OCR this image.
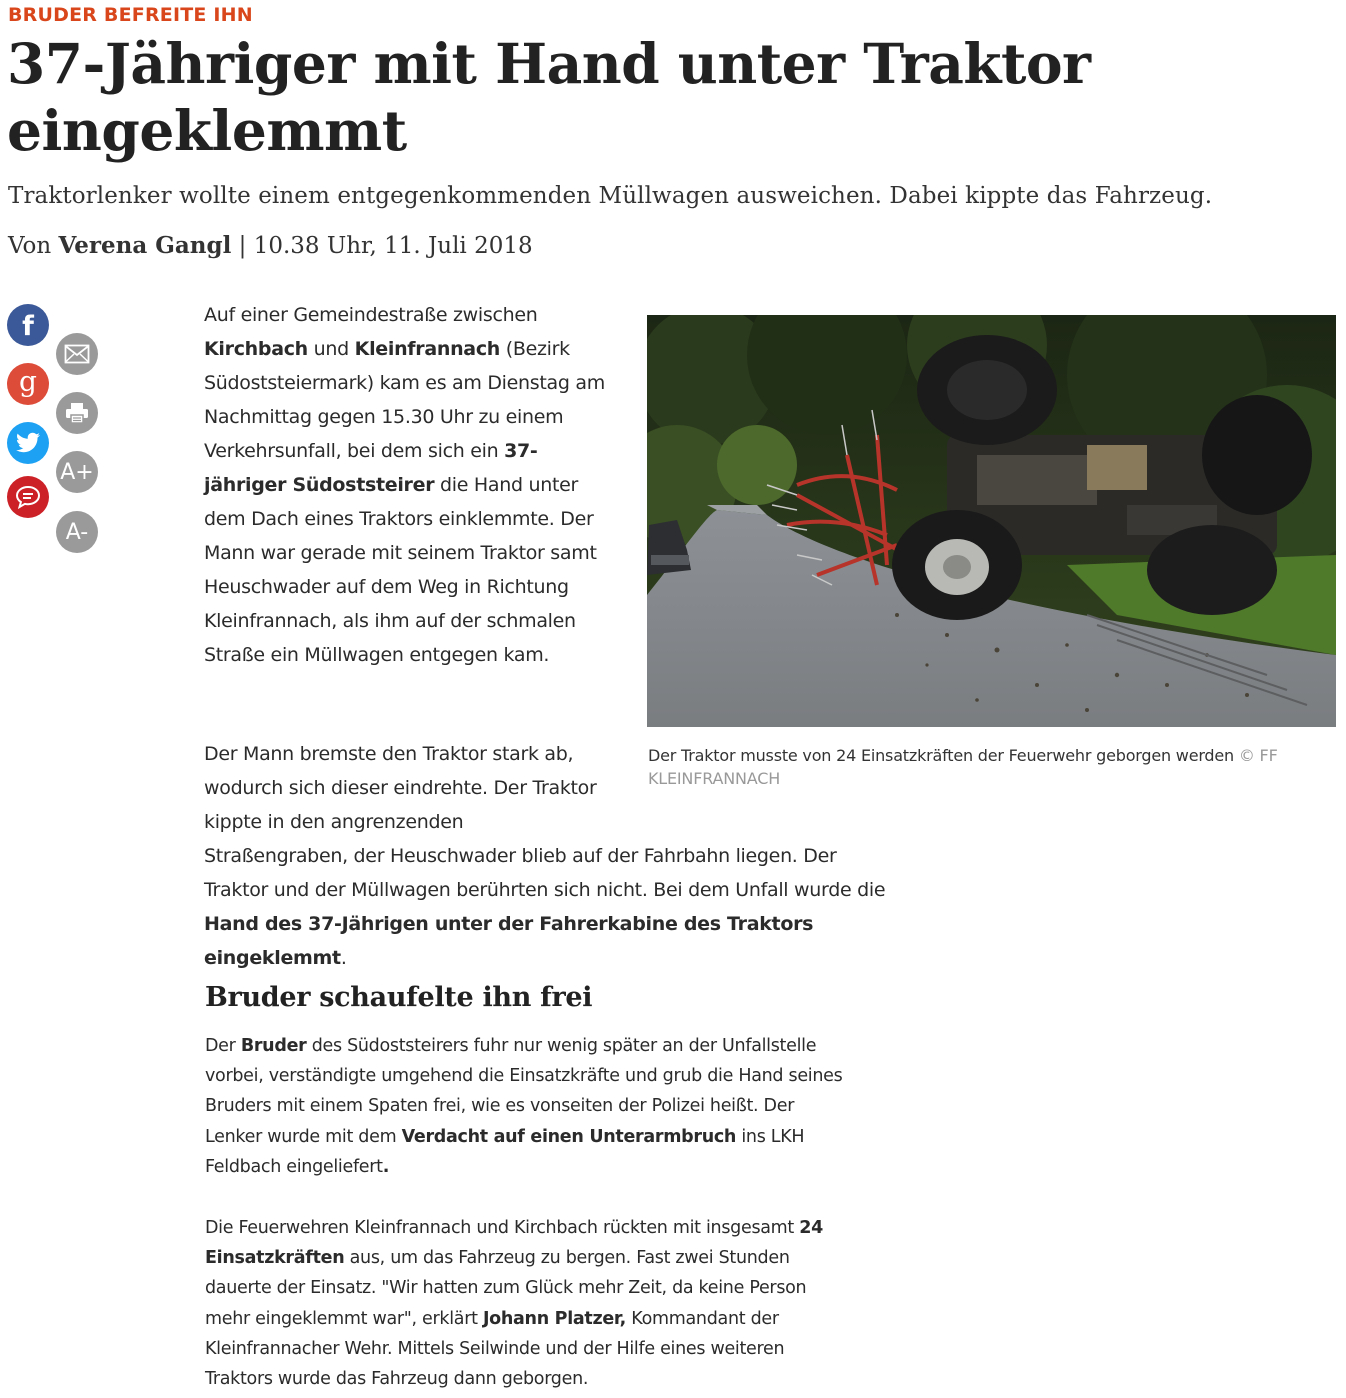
BRUDER BEFREITE IHN
37-Jähriger mit Hand unter Traktor
eingeklemmt

Traktorlenker wollte einem entgegenkommenden Müllwagen ausweichen. Dabei kippte das Fahrzeug.

Von Verena Gangl | 10.38 Uhr, 11. Juli 2018

f
g
A+
A-

Der Traktor musste von 24 Einsatzkräften der Feuerwehr geborgen werden © FF KLEINFRANNACH

Auf einer Gemeindestraße zwischen Kirchbach und Kleinfrannach (Bezirk Südoststeiermark) kam es am Dienstag am Nachmittag gegen 15.30 Uhr zu einem Verkehrsunfall, bei dem sich ein 37-jähriger Südoststeirer die Hand unter dem Dach eines Traktors einklemmte. Der Mann war gerade mit seinem Traktor samt Heuschwader auf dem Weg in Richtung Kleinfrannach, als ihm auf der schmalen Straße ein Müllwagen entgegen kam.

Der Mann bremste den Traktor stark ab, wodurch sich dieser eindrehte. Der Traktor kippte in den angrenzenden

Straßengraben, der Heuschwader blieb auf der Fahrbahn liegen. Der Traktor und der Müllwagen berührten sich nicht. Bei dem Unfall wurde die Hand des 37-Jährigen unter der Fahrerkabine des Traktors eingeklemmt.

Bruder schaufelte ihn frei

Der Bruder des Südoststeirers fuhr nur wenig später an der Unfallstelle vorbei, verständigte umgehend die Einsatzkräfte und grub die Hand seines Bruders mit einem Spaten frei, wie es vonseiten der Polizei heißt. Der Lenker wurde mit dem Verdacht auf einen Unterarmbruch ins LKH Feldbach eingeliefert.

Die Feuerwehren Kleinfrannach und Kirchbach rückten mit insgesamt 24 Einsatzkräften aus, um das Fahrzeug zu bergen. Fast zwei Stunden dauerte der Einsatz. "Wir hatten zum Glück mehr Zeit, da keine Person mehr eingeklemmt war", erklärt Johann Platzer, Kommandant der Kleinfrannacher Wehr. Mittels Seilwinde und der Hilfe eines weiteren Traktors wurde das Fahrzeug dann geborgen.
